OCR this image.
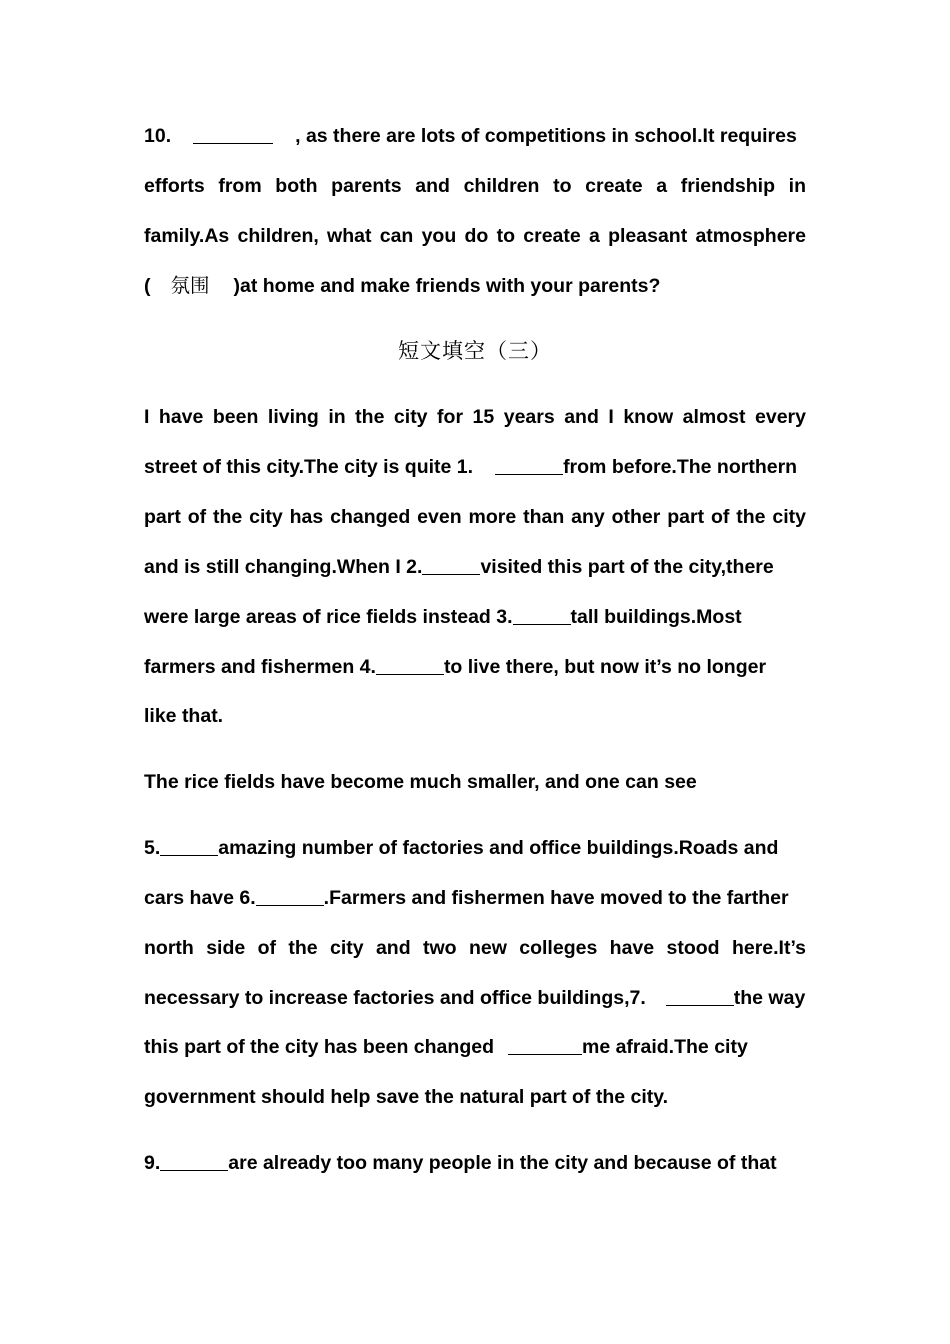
10.	, as there are lots of competitions in school.It requires
efforts from both parents and children to create a friendship in
family.As children, what can you do to create a pleasant atmosphere
( 氛围 )at home and make friends with your parents?
短文填空（三）
I have been living in the city for 15 years and I know almost every
street of this city.The city is quite 1.	from before.The northern
part of the city has changed even more than any other part of the city
and is still changing.When I 2.	visited this part of the city,there
were large areas of rice fields instead 3.	tall buildings.Most
farmers and fishermen 4.	to live there, but now it’s no longer
like that.
The rice fields have become much smaller, and one can see
5.	amazing number of factories and office buildings.Roads and
cars have 6.	.Farmers and fishermen have moved to the farther
north side of the city and two new colleges have stood here.It’s
necessary to increase factories and office buildings,7.	the way
this part of the city has been changed	me afraid.The city
government should help save the natural part of the city.
9.	are already too many people in the city and because of that
